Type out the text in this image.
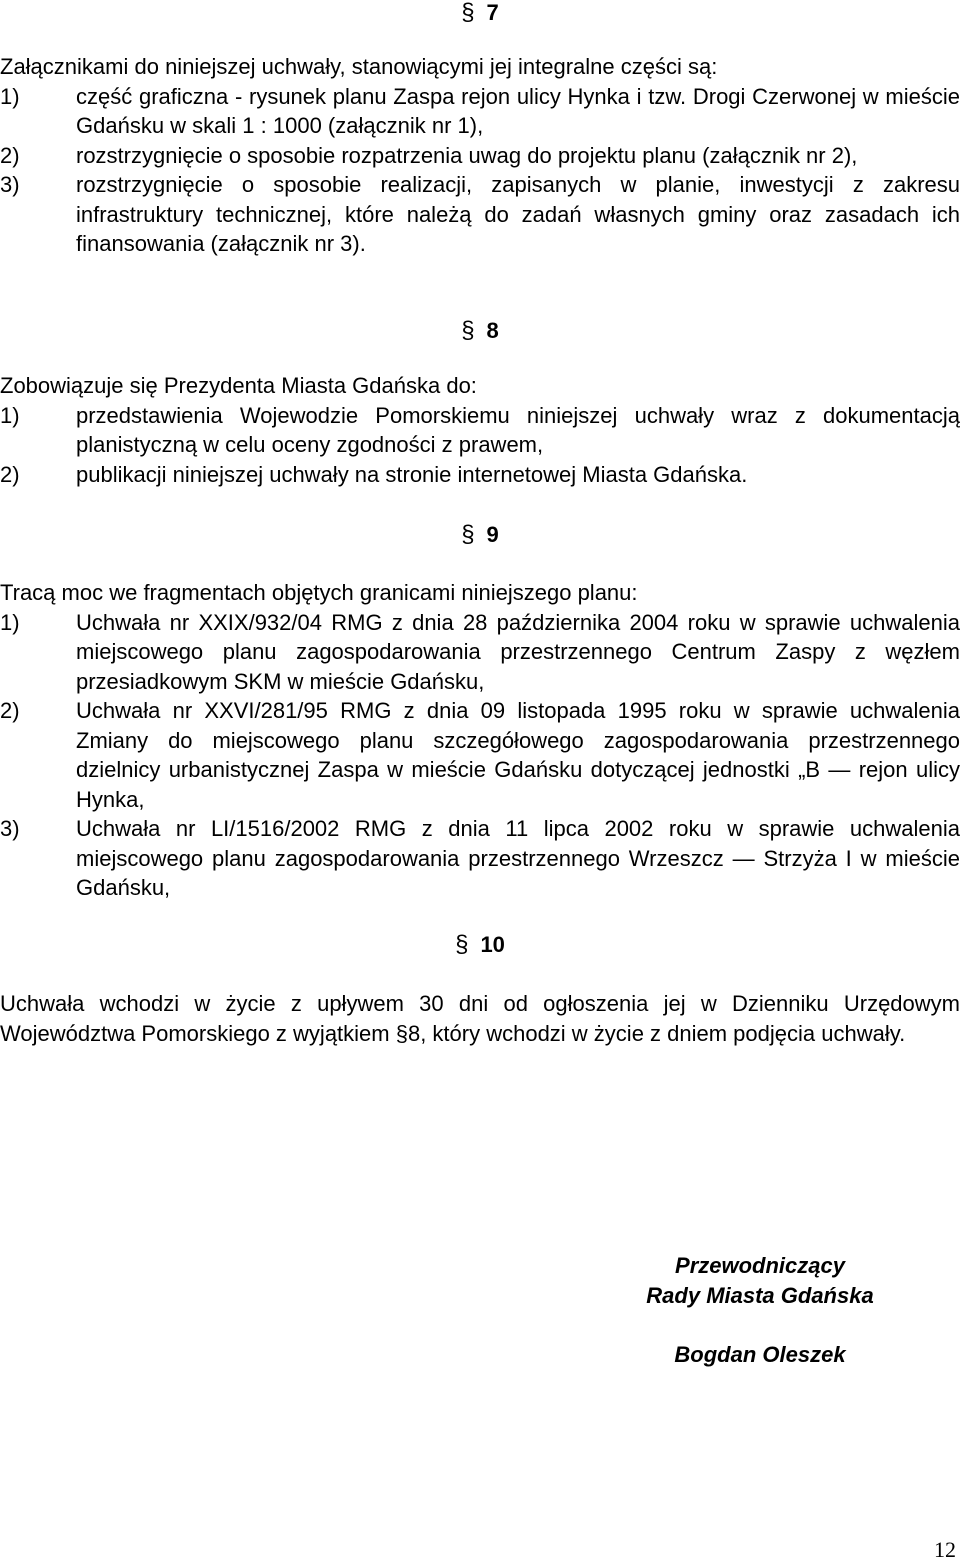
§ 7

Załącznikami do niniejszej uchwały, stanowiącymi jej integralne części są:

1)	część graficzna - rysunek planu Zaspa rejon ulicy Hynka i tzw. Drogi Czerwonej w mieście Gdańsku w skali 1 : 1000 (załącznik nr 1),
2)	rozstrzygnięcie o sposobie rozpatrzenia uwag do projektu planu (załącznik nr 2),
3)	rozstrzygnięcie o sposobie realizacji, zapisanych w planie, inwestycji z zakresu infrastruktury technicznej, które należą do zadań własnych gminy oraz zasadach ich finansowania (załącznik nr 3).
§ 8

Zobowiązuje się Prezydenta Miasta Gdańska do:

1)	przedstawienia Wojewodzie Pomorskiemu niniejszej uchwały wraz z dokumentacją planistyczną w celu oceny zgodności z prawem,
2)	publikacji niniejszej uchwały na stronie internetowej Miasta Gdańska.
§ 9

Tracą moc we fragmentach objętych granicami niniejszego planu:

1)	Uchwała nr XXIX/932/04 RMG z dnia 28 października 2004 roku w sprawie uchwalenia miejscowego planu zagospodarowania przestrzennego Centrum Zaspy z węzłem przesiadkowym SKM w mieście Gdańsku,
2)	Uchwała nr XXVI/281/95 RMG z dnia 09 listopada 1995 roku w sprawie uchwalenia Zmiany do miejscowego planu szczegółowego zagospodarowania przestrzennego dzielnicy urbanistycznej Zaspa w mieście Gdańsku dotyczącej jednostki „B — rejon ulicy Hynka,
3)	Uchwała nr LI/1516/2002 RMG z dnia 11 lipca 2002 roku w sprawie uchwalenia miejscowego planu zagospodarowania przestrzennego Wrzeszcz — Strzyża I w mieście Gdańsku,
§ 10

Uchwała wchodzi w życie z upływem 30 dni od ogłoszenia jej w Dzienniku Urzędowym Województwa Pomorskiego z wyjątkiem §8, który wchodzi w życie z dniem podjęcia uchwały.

Przewodniczący
Rady Miasta Gdańska
Bogdan Oleszek
12
